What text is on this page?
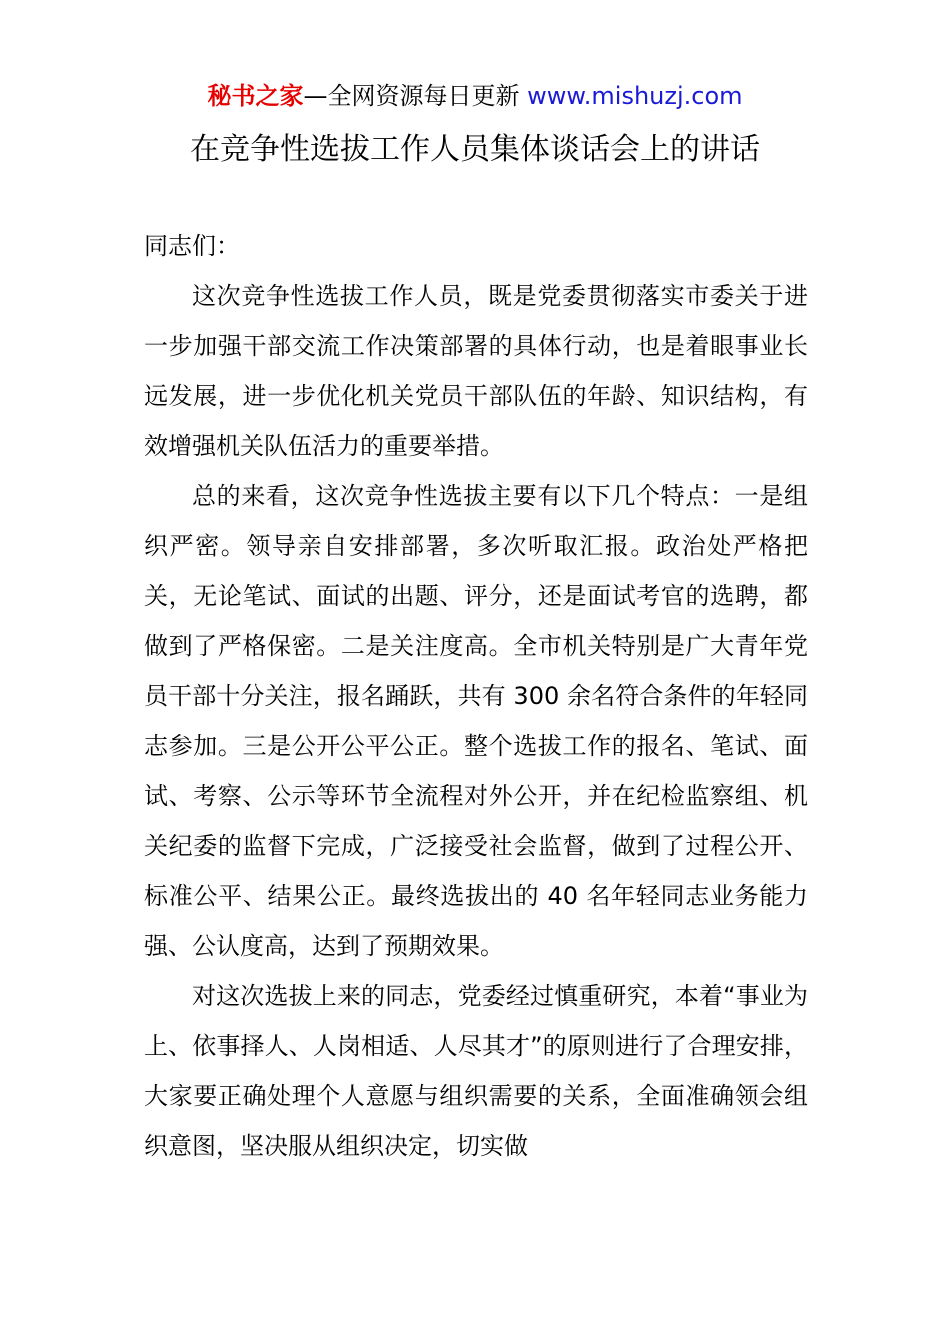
秘书之家—全网资源每日更新 www.mishuzj.com
在竞争性选拔工作人员集体谈话会上的讲话

同志们：

这次竞争性选拔工作人员，既是党委贯彻落实市委关于进一步加强干部交流工作决策部署的具体行动，也是着眼事业长远发展，进一步优化机关党员干部队伍的年龄、知识结构，有效增强机关队伍活力的重要举措。

总的来看，这次竞争性选拔主要有以下几个特点：一是组织严密。领导亲自安排部署，多次听取汇报。政治处严格把关，无论笔试、面试的出题、评分，还是面试考官的选聘，都做到了严格保密。二是关注度高。全市机关特别是广大青年党员干部十分关注，报名踊跃，共有 300 余名符合条件的年轻同志参加。三是公开公平公正。整个选拔工作的报名、笔试、面试、考察、公示等环节全流程对外公开，并在纪检监察组、机关纪委的监督下完成，广泛接受社会监督，做到了过程公开、标准公平、结果公正。最终选拔出的 40 名年轻同志业务能力强、公认度高，达到了预期效果。

对这次选拔上来的同志，党委经过慎重研究，本着“事业为上、依事择人、人岗相适、人尽其才”的原则进行了合理安排，大家要正确处理个人意愿与组织需要的关系，全面准确领会组织意图，坚决服从组织决定，切实做
